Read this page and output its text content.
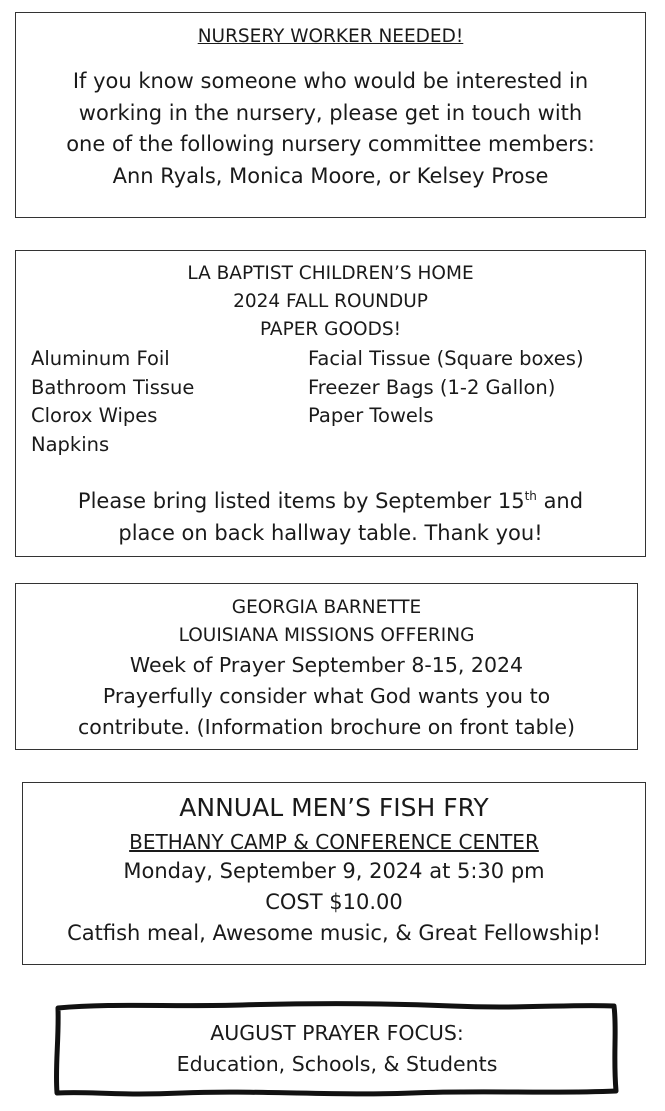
NURSERY WORKER NEEDED!
If you know someone who would be interested in
working in the nursery, please get in touch with
one of the following nursery committee members:
Ann Ryals, Monica Moore, or Kelsey Prose
LA BAPTIST CHILDREN’S HOME
2024 FALL ROUNDUP
PAPER GOODS!
Aluminum Foil
Bathroom Tissue
Clorox Wipes
Napkins
Facial Tissue (Square boxes)
Freezer Bags (1-2 Gallon)
Paper Towels
Please bring listed items by September 15th and
place on back hallway table. Thank you!
GEORGIA BARNETTE
LOUISIANA MISSIONS OFFERING
Week of Prayer September 8-15, 2024
Prayerfully consider what God wants you to
contribute. (Information brochure on front table)
ANNUAL MEN’S FISH FRY
BETHANY CAMP & CONFERENCE CENTER
Monday, September 9, 2024 at 5:30 pm
COST $10.00
Catfish meal, Awesome music, & Great Fellowship!
AUGUST PRAYER FOCUS:
Education, Schools, & Students
